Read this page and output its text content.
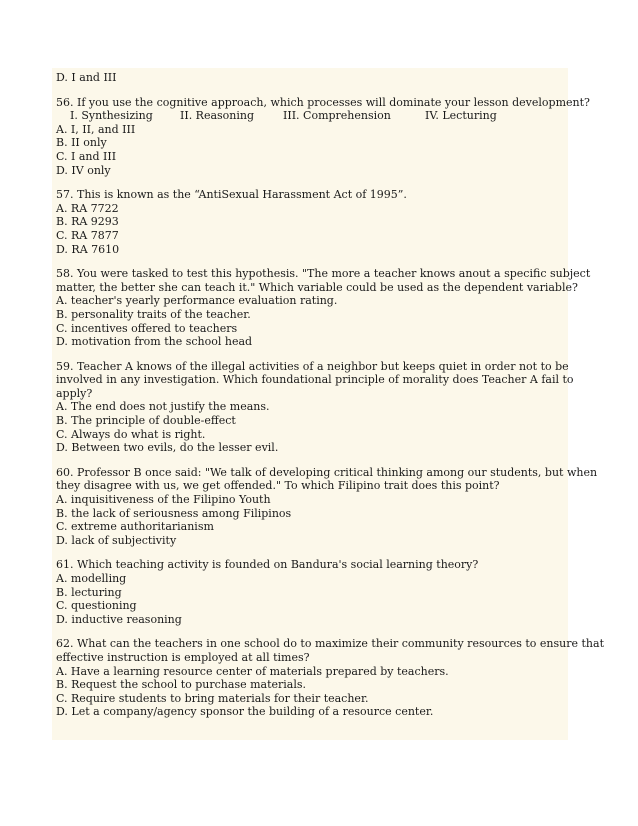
D. I and III
56. If you use the cognitive approach, which processes will dominate your lesson development?
I. Synthesizing	II. Reasoning	III. Comprehension	IV. Lecturing
A. I, II, and III
B. II only
C. I and III
D. IV only
57. This is known as the “AntiSexual Harassment Act of 1995”.
A. RA 7722
B. RA 9293
C. RA 7877
D. RA 7610
58. You were tasked to test this hypothesis. "The more a teacher knows anout a specific subject
matter, the better she can teach it." Which variable could be used as the dependent variable?
A. teacher's yearly performance evaluation rating.
B. personality traits of the teacher.
C. incentives offered to teachers
D. motivation from the school head
59. Teacher A knows of the illegal activities of a neighbor but keeps quiet in order not to be
involved in any investigation. Which foundational principle of morality does Teacher A fail to
apply?
A. The end does not justify the means.
B. The principle of double-effect
C. Always do what is right.
D. Between two evils, do the lesser evil.
60. Professor B once said: "We talk of developing critical thinking among our students, but when
they disagree with us, we get offended." To which Filipino trait does this point?
A. inquisitiveness of the Filipino Youth
B. the lack of seriousness among Filipinos
C. extreme authoritarianism
D. lack of subjectivity
61. Which teaching activity is founded on Bandura's social learning theory?
A. modelling
B. lecturing
C. questioning
D. inductive reasoning
62. What can the teachers in one school do to maximize their community resources to ensure that
effective instruction is employed at all times?
A. Have a learning resource center of materials prepared by teachers.
B. Request the school to purchase materials.
C. Require students to bring materials for their teacher.
D. Let a company/agency sponsor the building of a resource center.
